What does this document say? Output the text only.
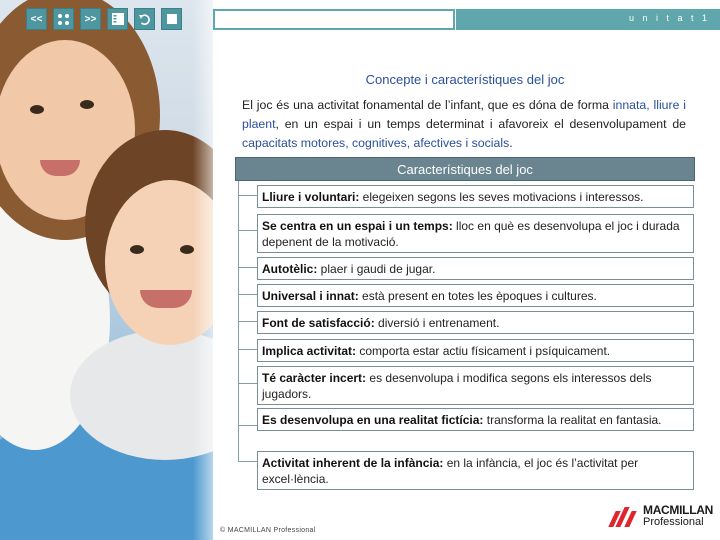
u n i t a t 1
<<	>>
Concepte i característiques del joc
El joc és una activitat fonamental de l’infant, que es dóna de forma innata, lliure i plaent, en un espai i un temps determinat i afavoreix el desenvolupament de capacitats motores, cognitives, afectives i socials.
Característiques del joc
Lliure i voluntari: elegeixen segons les seves motivacions i interessos.
Se centra en un espai i un temps: lloc en què es desenvolupa el joc i durada depenent de la motivació.
Autotèlic: plaer i gaudi de jugar.
Universal i innat: està present en totes les èpoques i cultures.
Font de satisfacció: diversió i entrenament.
Implica activitat: comporta estar actiu físicament i psíquicament.
Té caràcter incert: es desenvolupa i modifica segons els interessos dels jugadors.
Es desenvolupa en una realitat fictícia: transforma la realitat en fantasia.
Activitat inherent de la infància: en la infància, el joc és l’activitat per excel·lència.
© MACMILLAN Professional
MACMILLAN
Professional
